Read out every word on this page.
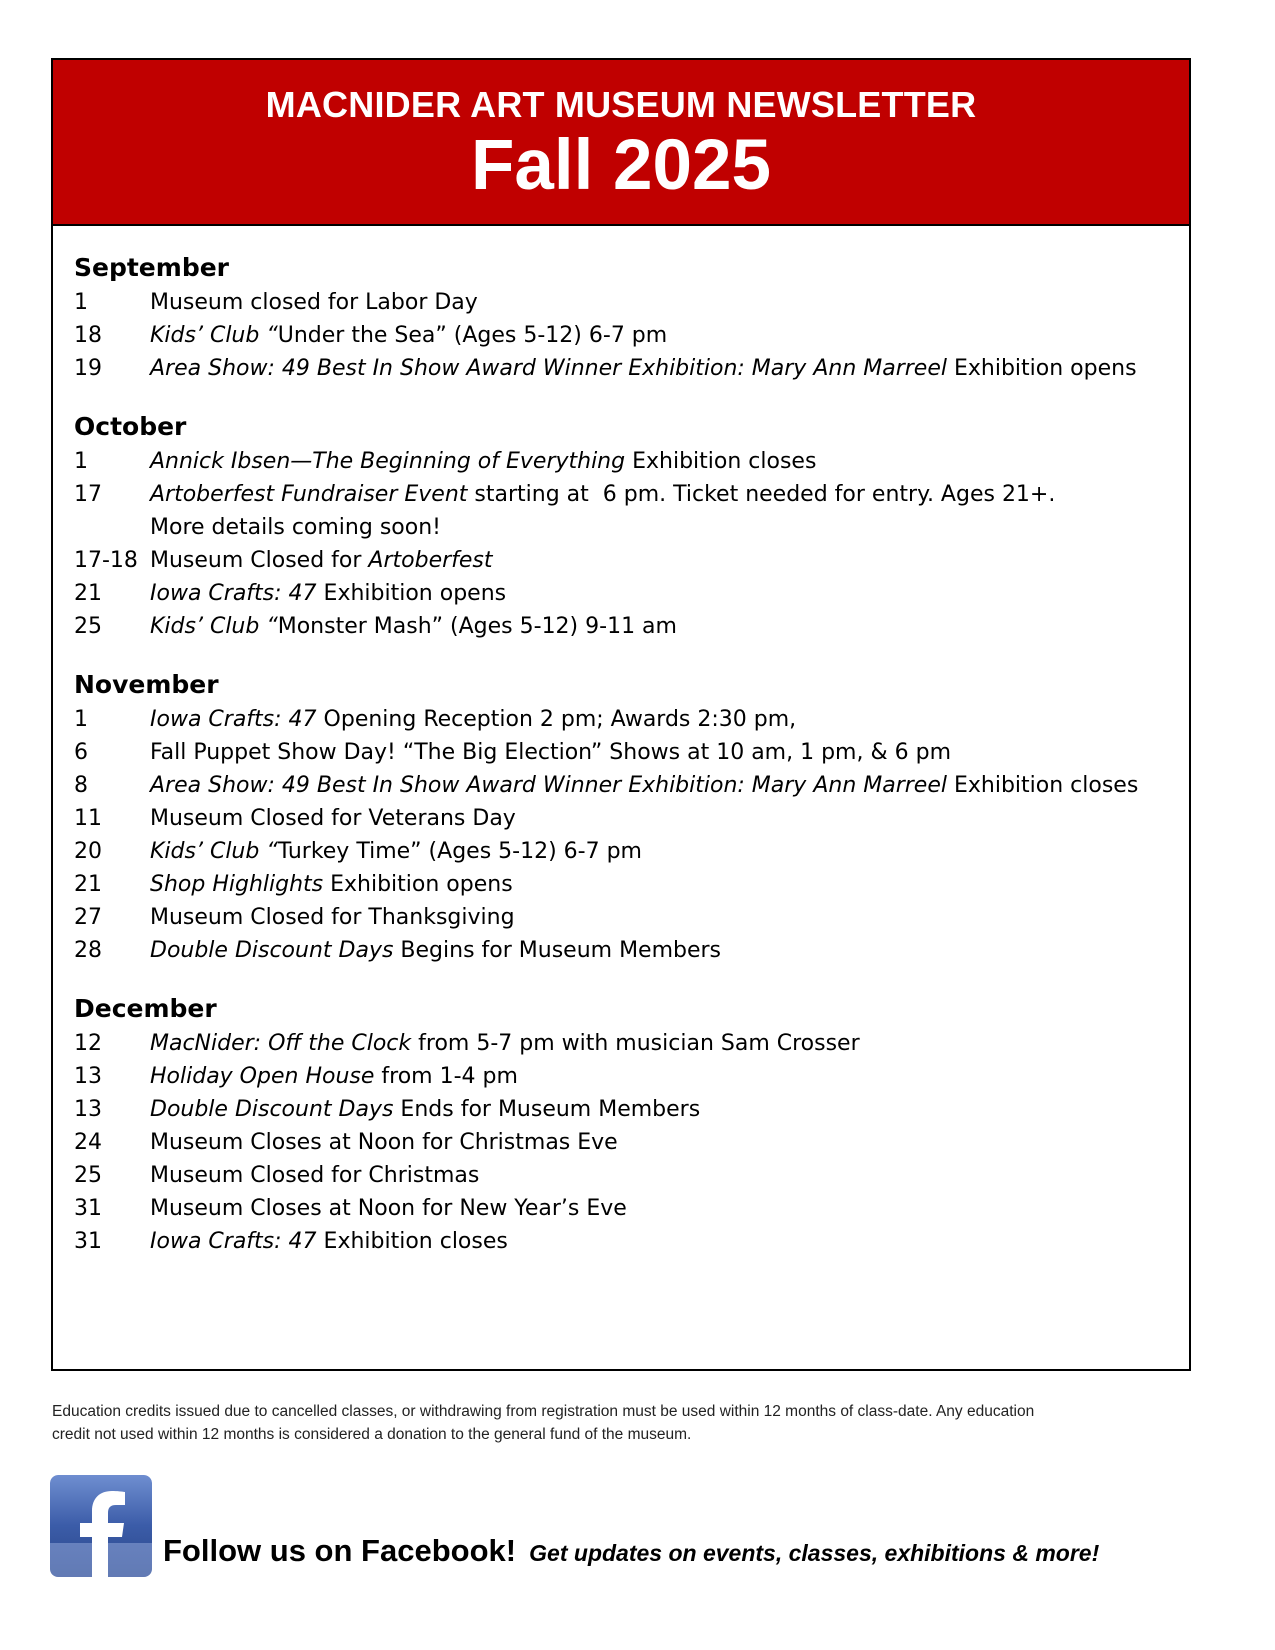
MACNIDER ART MUSEUM NEWSLETTER
Fall 2025
September
1	Museum closed for Labor Day
18	Kids’ Club “Under the Sea” (Ages 5-12) 6-7 pm
19	Area Show: 49 Best In Show Award Winner Exhibition: Mary Ann Marreel Exhibition opens
October
1	Annick Ibsen—The Beginning of Everything Exhibition closes
17	Artoberfest Fundraiser Event starting at  6 pm. Ticket needed for entry. Ages 21+.
More details coming soon!
17-18 Museum Closed for Artoberfest
21	Iowa Crafts: 47 Exhibition opens
25	Kids’ Club “Monster Mash” (Ages 5-12) 9-11 am
November
1	Iowa Crafts: 47 Opening Reception 2 pm; Awards 2:30 pm,
6	Fall Puppet Show Day! “The Big Election” Shows at 10 am, 1 pm, & 6 pm
8	Area Show: 49 Best In Show Award Winner Exhibition: Mary Ann Marreel Exhibition closes
11	Museum Closed for Veterans Day
20	Kids’ Club “Turkey Time” (Ages 5-12) 6-7 pm
21	Shop Highlights Exhibition opens
27	Museum Closed for Thanksgiving
28	Double Discount Days Begins for Museum Members
December
12	MacNider: Off the Clock from 5-7 pm with musician Sam Crosser
13	Holiday Open House from 1-4 pm
13	Double Discount Days Ends for Museum Members
24	Museum Closes at Noon for Christmas Eve
25	Museum Closed for Christmas
31	Museum Closes at Noon for New Year’s Eve
31	Iowa Crafts: 47 Exhibition closes
Education credits issued due to cancelled classes, or withdrawing from registration must be used within 12 months of class-date. Any education
credit not used within 12 months is considered a donation to the general fund of the museum.
Follow us on Facebook! Get updates on events, classes, exhibitions & more!
